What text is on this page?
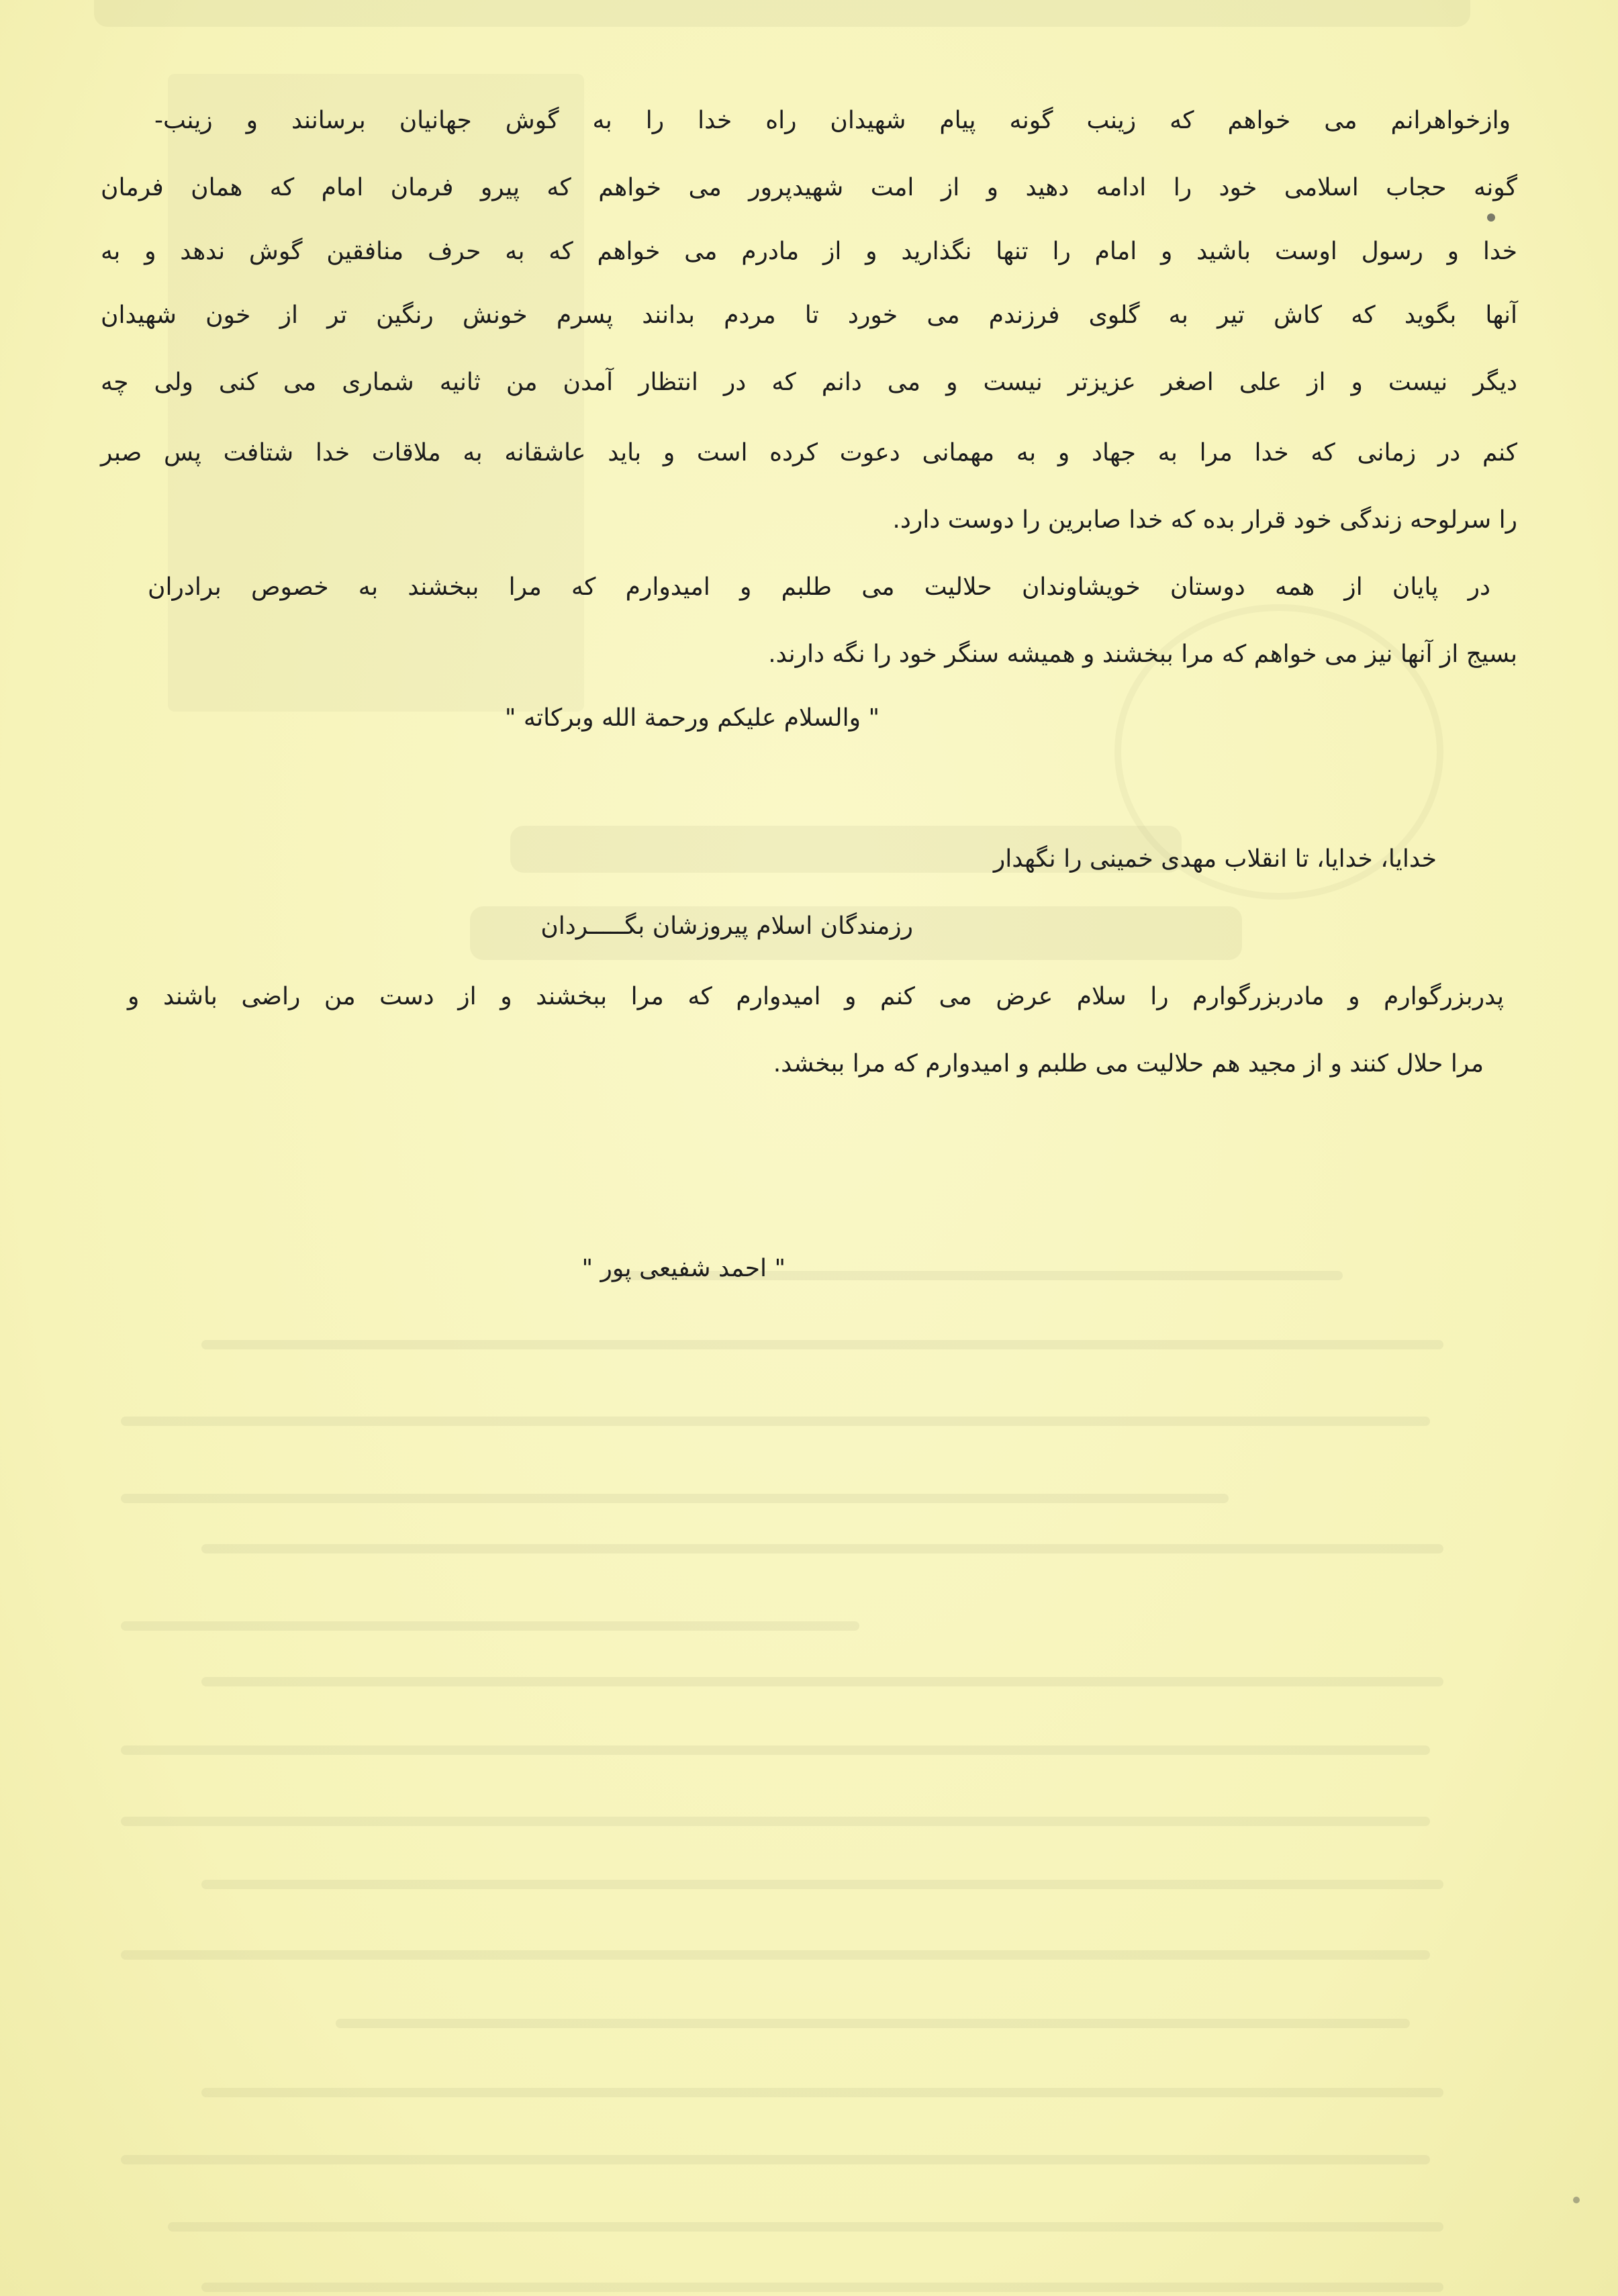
وازخواهرانم می خواهم که زینب گونه پیام شهیدان راه خدا را به گوش جهانیان برسانند و زینب-
گونه حجاب اسلامی خود را ادامه دهید و از امت شهیدپرور می خواهم که پیرو فرمان امام که همان فرمان
خدا و رسول اوست باشید و امام را تنها نگذارید و از مادرم می خواهم که به حرف منافقین گوش ندهد و به
آنها بگوید که کاش تیر به گلوی فرزندم می خورد تا مردم بدانند پسرم خونش رنگین تر از خون شهیدان
دیگر نیست و از علی اصغر عزیزتر نیست و می دانم که در انتظار آمدن من ثانیه شماری می کنی ولی چه
کنم در زمانی که خدا مرا به جهاد و به مهمانی دعوت کرده است و باید عاشقانه به ملاقات خدا شتافت پس صبر
را سرلوحه زندگی خود قرار بده که خدا صابرین را دوست دارد.
در پایان از همه دوستان خویشاوندان حلالیت می طلبم و امیدوارم که مرا ببخشند به خصوص برادران
بسیج از آنها نیز می خواهم که مرا ببخشند و همیشه سنگر خود را نگه دارند.
" والسلام علیکم ورحمة الله وبرکاته "
خدایا، خدایا، تا انقلاب مهدی خمینی را نگهدار
رزمندگان اسلام پیروزشان بگـــــردان
پدربزرگوارم و مادربزرگوارم را سلام عرض می کنم و امیدوارم که مرا ببخشند و از دست من راضی باشند و
مرا حلال کنند و از مجید هم حلالیت می طلبم و امیدوارم که مرا ببخشد.
" احمد شفیعی پور "
